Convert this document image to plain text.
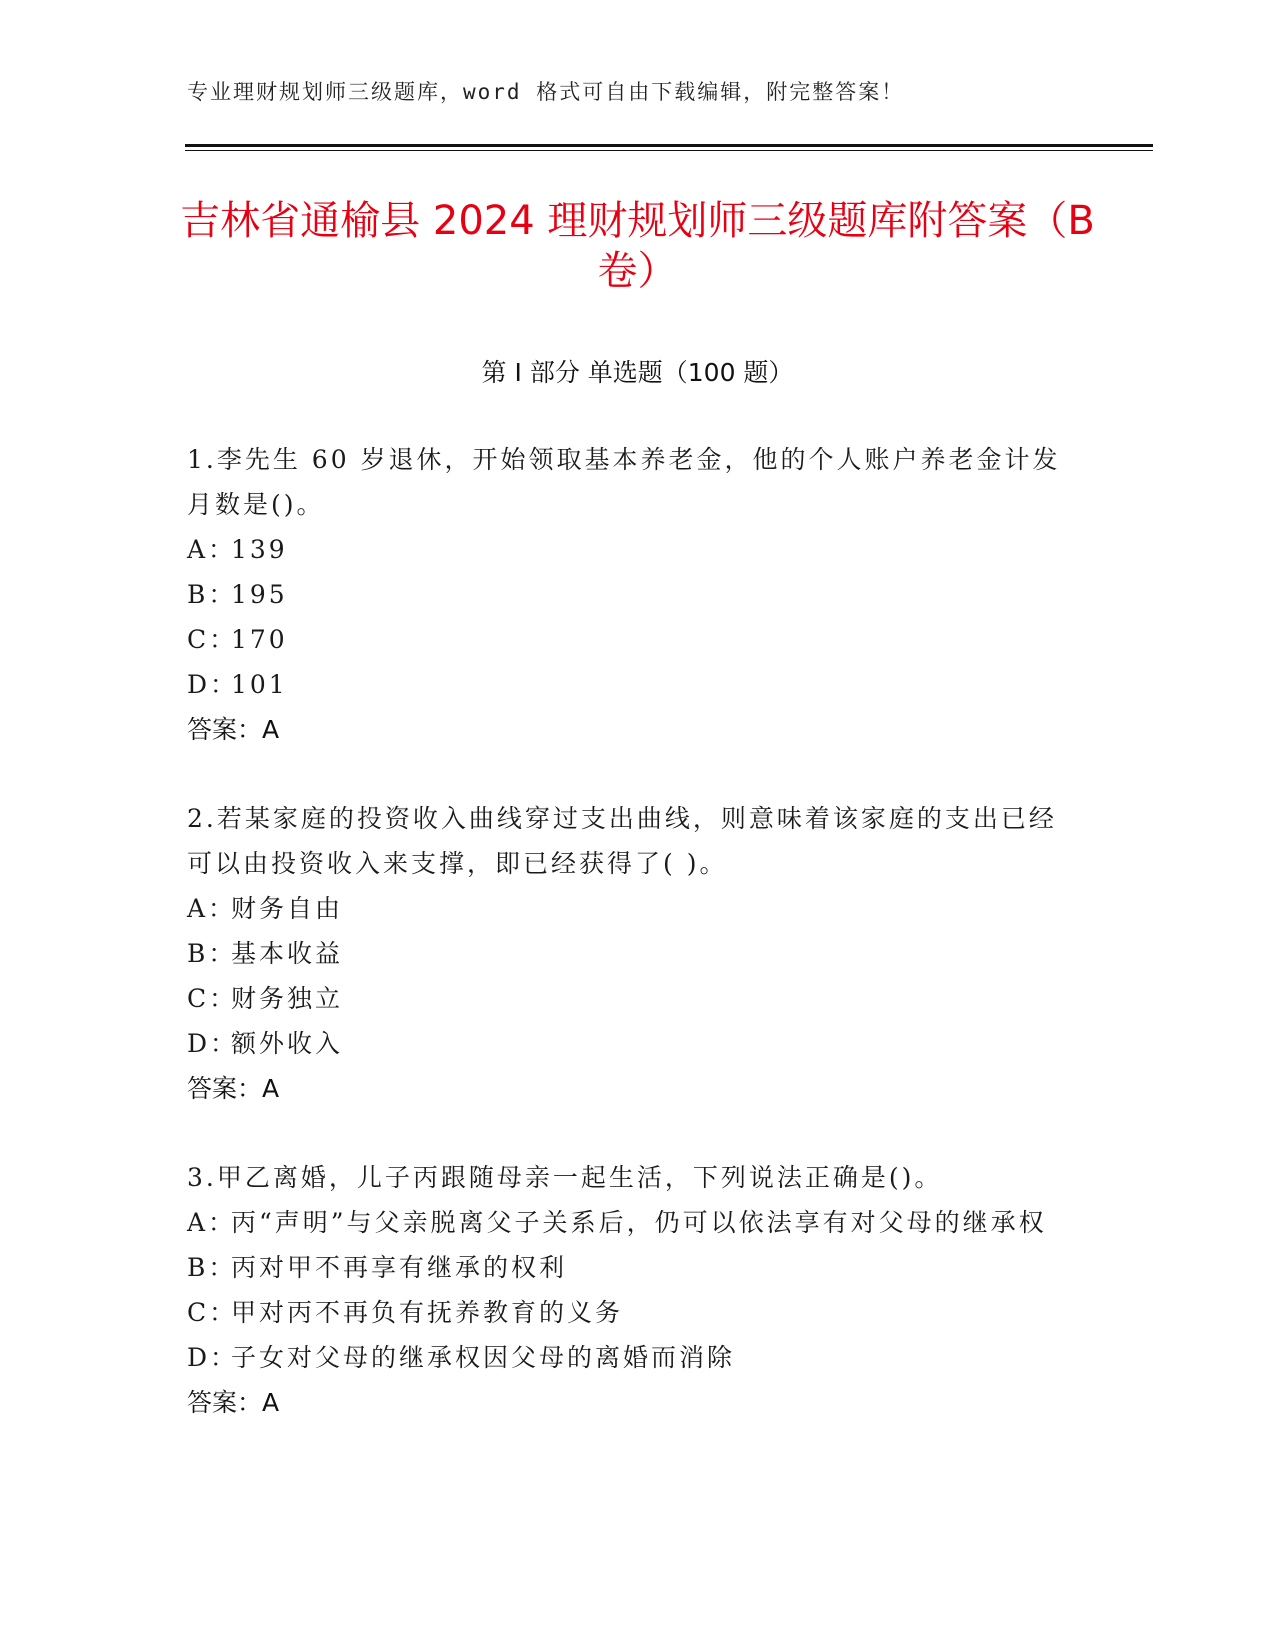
专业理财规划师三级题库，word 格式可自由下载编辑，附完整答案！
吉林省通榆县 2024 理财规划师三级题库附答案（B 卷）
第 I 部分 单选题（100 题）
1.李先生 60 岁退休，开始领取基本养老金，他的个人账户养老金计发月数是()。
A：139
B：195
C：170
D：101
答案：A
2.若某家庭的投资收入曲线穿过支出曲线，则意味着该家庭的支出已经可以由投资收入来支撑，即已经获得了( )。
A：财务自由
B：基本收益
C：财务独立
D：额外收入
答案：A
3.甲乙离婚，儿子丙跟随母亲一起生活，下列说法正确是()。
A：丙“声明”与父亲脱离父子关系后，仍可以依法享有对父母的继承权
B：丙对甲不再享有继承的权利
C：甲对丙不再负有抚养教育的义务
D：子女对父母的继承权因父母的离婚而消除
答案：A
